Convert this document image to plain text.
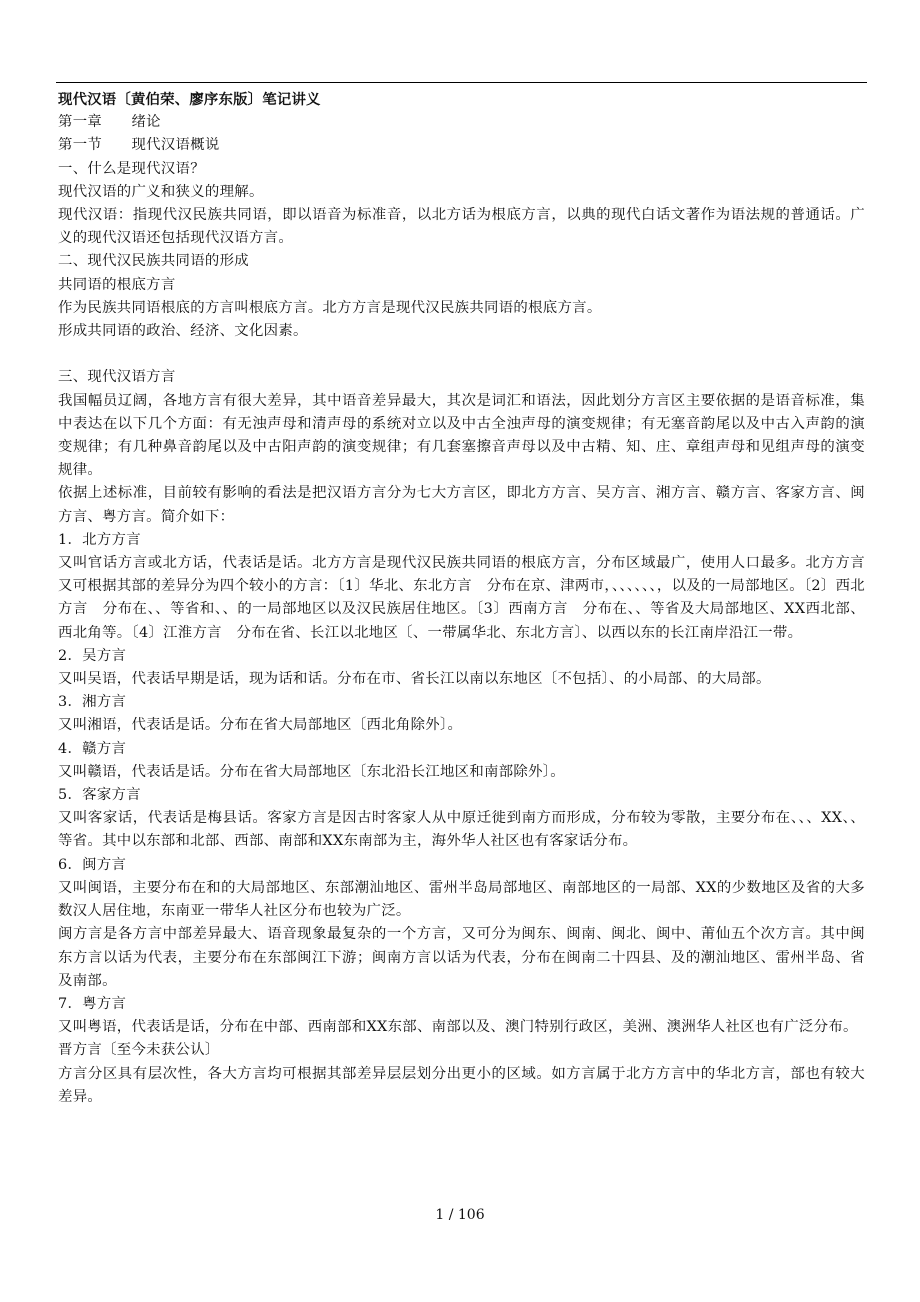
现代汉语〔黄伯荣、廖序东版〕笔记讲义

第一章　　绪论

第一节　　现代汉语概说

一、什么是现代汉语？

现代汉语的广义和狭义的理解。

现代汉语：指现代汉民族共同语，即以语音为标准音，以北方话为根底方言，以典的现代白话文著作为语法规的普通话。广义的现代汉语还包括现代汉语方言。

二、现代汉民族共同语的形成

共同语的根底方言

作为民族共同语根底的方言叫根底方言。北方方言是现代汉民族共同语的根底方言。

形成共同语的政治、经济、文化因素。

三、现代汉语方言

我国幅员辽阔，各地方言有很大差异，其中语音差异最大，其次是词汇和语法，因此划分方言区主要依据的是语音标准，集中表达在以下几个方面：有无浊声母和清声母的系统对立以及中古全浊声母的演变规律；有无塞音韵尾以及中古入声韵的演变规律；有几种鼻音韵尾以及中古阳声韵的演变规律；有几套塞擦音声母以及中古精、知、庄、章组声母和见组声母的演变规律。

依据上述标准，目前较有影响的看法是把汉语方言分为七大方言区，即北方方言、吴方言、湘方言、赣方言、客家方言、闽方言、粤方言。简介如下：

1．北方方言

又叫官话方言或北方话，代表话是话。北方方言是现代汉民族共同语的根底方言，分布区域最广，使用人口最多。北方方言又可根据其部的差异分为四个较小的方言：〔1〕华北、东北方言　分布在京、津两市，、、、、、、，以及的一局部地区。〔2〕西北方言　分布在、、等省和、、的一局部地区以及汉民族居住地区。〔3〕西南方言　分布在、、等省及大局部地区、XX西北部、西北角等。〔4〕江淮方言　分布在省、长江以北地区〔、一带属华北、东北方言〕、以西以东的长江南岸沿江一带。

2．吴方言

又叫吴语，代表话早期是话，现为话和话。分布在市、省长江以南以东地区〔不包括〕、的小局部、的大局部。

3．湘方言

又叫湘语，代表话是话。分布在省大局部地区〔西北角除外〕。

4．赣方言

又叫赣语，代表话是话。分布在省大局部地区〔东北沿长江地区和南部除外〕。

5．客家方言

又叫客家话，代表话是梅县话。客家方言是因古时客家人从中原迁徙到南方而形成，分布较为零散，主要分布在、、、XX、、等省。其中以东部和北部、西部、南部和XX东南部为主，海外华人社区也有客家话分布。

6．闽方言

又叫闽语，主要分布在和的大局部地区、东部潮汕地区、雷州半岛局部地区、南部地区的一局部、XX的少数地区及省的大多数汉人居住地，东南亚一带华人社区分布也较为广泛。

闽方言是各方言中部差异最大、语音现象最复杂的一个方言，又可分为闽东、闽南、闽北、闽中、莆仙五个次方言。其中闽东方言以话为代表，主要分布在东部闽江下游；闽南方言以话为代表，分布在闽南二十四县、及的潮汕地区、雷州半岛、省及南部。

7．粤方言

又叫粤语，代表话是话，分布在中部、西南部和XX东部、南部以及、澳门特别行政区，美洲、澳洲华人社区也有广泛分布。

晋方言〔至今未获公认〕

方言分区具有层次性，各大方言均可根据其部差异层层划分出更小的区域。如方言属于北方方言中的华北方言，部也有较大差异。

1 / 106
